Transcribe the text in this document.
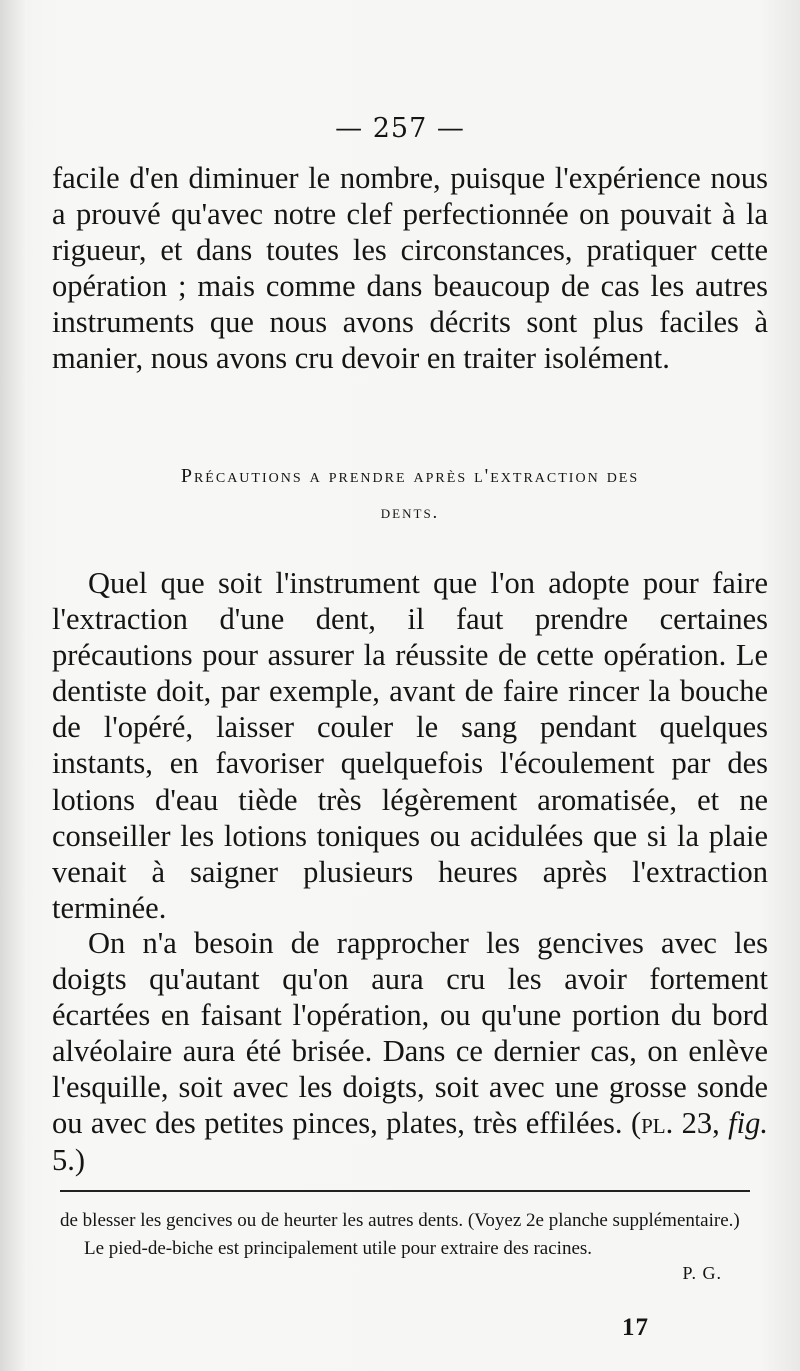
— 257 —

facile d'en diminuer le nombre, puisque l'expérience nous a prouvé qu'avec notre clef perfectionnée on pouvait à la rigueur, et dans toutes les circonstances, pratiquer cette opération ; mais comme dans beaucoup de cas les autres instruments que nous avons décrits sont plus faciles à manier, nous avons cru devoir en traiter isolément.

Précautions a prendre après l'extraction des
dents.

Quel que soit l'instrument que l'on adopte pour faire l'extraction d'une dent, il faut prendre certaines précautions pour assurer la réussite de cette opération. Le dentiste doit, par exemple, avant de faire rincer la bouche de l'opéré, laisser couler le sang pendant quelques instants, en favoriser quelquefois l'écoulement par des lotions d'eau tiède très légèrement aromatisée, et ne conseiller les lotions toniques ou acidulées que si la plaie venait à saigner plusieurs heures après l'extraction terminée.

On n'a besoin de rapprocher les gencives avec les doigts qu'autant qu'on aura cru les avoir fortement écartées en faisant l'opération, ou qu'une portion du bord alvéolaire aura été brisée. Dans ce dernier cas, on enlève l'esquille, soit avec les doigts, soit avec une grosse sonde ou avec des petites pinces, plates, très effilées. (pl. 23, fig. 5.)

de blesser les gencives ou de heurter les autres dents. (Voyez 2e planche supplémentaire.)

Le pied-de-biche est principalement utile pour extraire des racines.

P. G.

17
